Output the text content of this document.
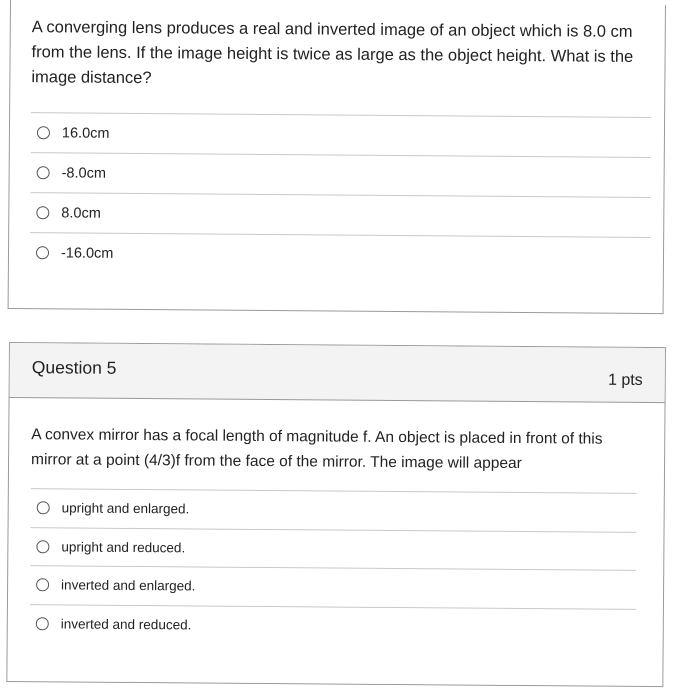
A converging lens produces a real and inverted image of an object which is 8.0 cm from the lens. If the image height is twice as large as the object height. What is the image distance?

16.0cm
-8.0cm
8.0cm
-16.0cm
Question 5
1 pts

A convex mirror has a focal length of magnitude f. An object is placed in front of this mirror at a point (4/3)f from the face of the mirror. The image will appear

upright and enlarged.
upright and reduced.
inverted and enlarged.
inverted and reduced.
